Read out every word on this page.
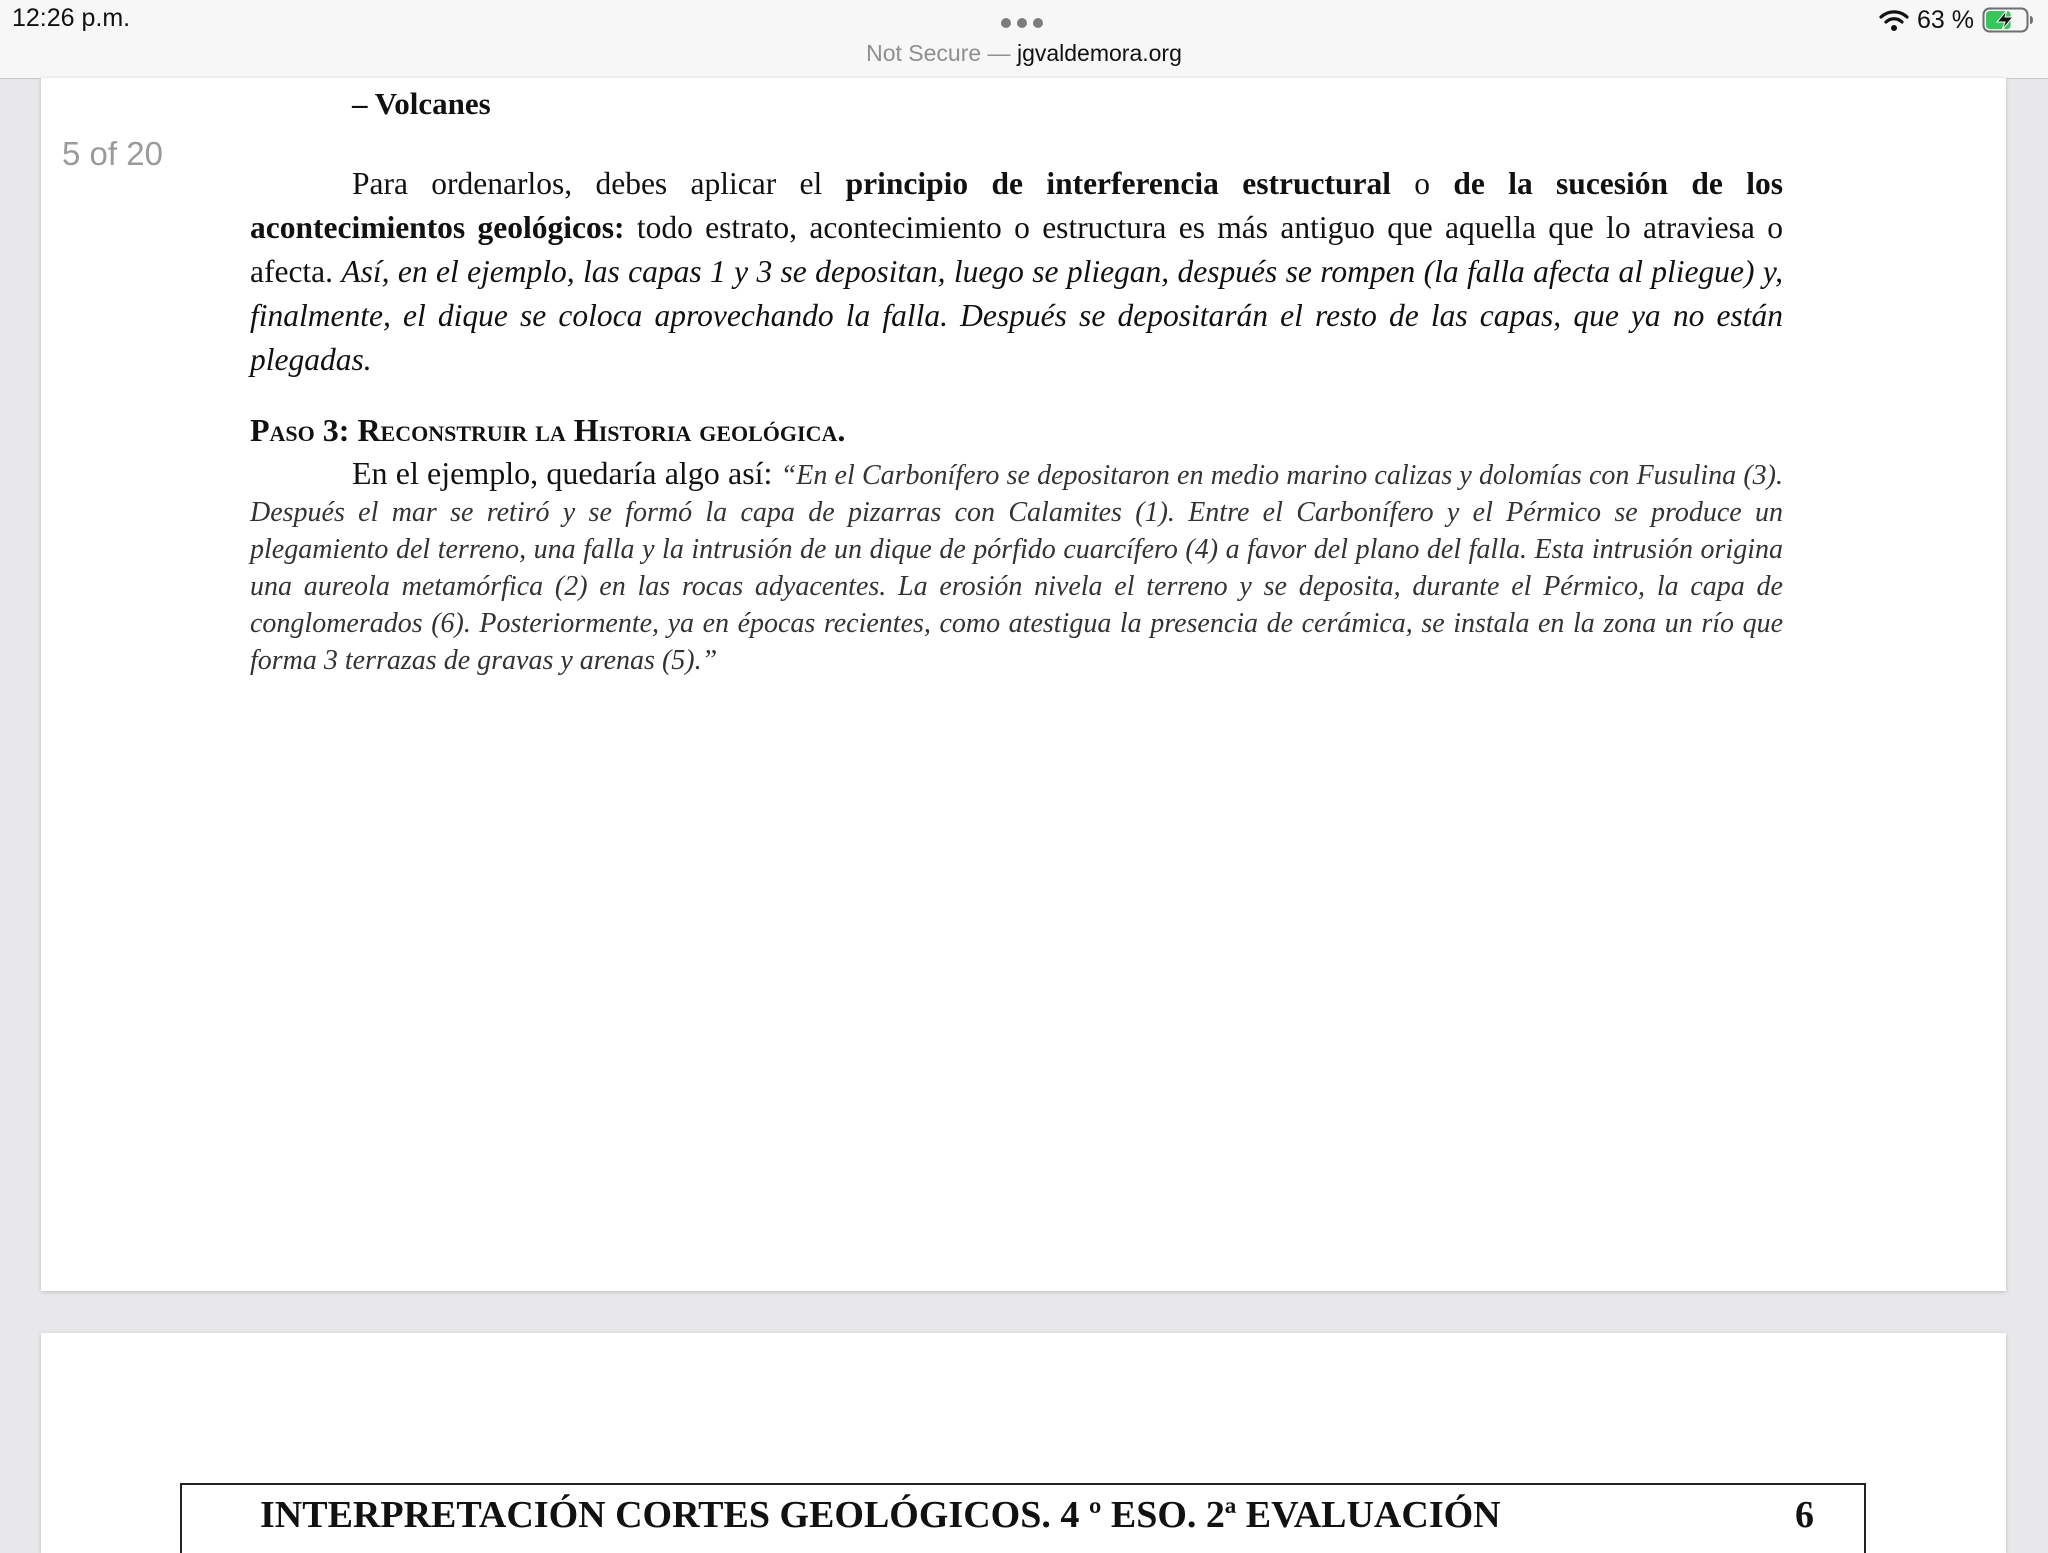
12:26 p.m.
Not Secure — jgvaldemora.org
63 %
5 of 20
– Volcanes

Para ordenarlos, debes aplicar el principio de interferencia estructural o de la sucesión de los acontecimientos geológicos: todo estrato, acontecimiento o estructura es más antiguo que aquella que lo atraviesa o afecta. Así, en el ejemplo, las capas 1 y 3 se depositan, luego se pliegan, después se rompen (la falla afecta al pliegue) y, finalmente, el dique se coloca aprovechando la falla. Después se depositarán el resto de las capas, que ya no están plegadas.

Paso 3: Reconstruir la Historia geológica.

En el ejemplo, quedaría algo así: “En el Carbonífero se depositaron en medio marino calizas y dolomías con Fusulina (3). Después el mar se retiró y se formó la capa de pizarras con Calamites (1). Entre el Carbonífero y el Pérmico se produce un plegamiento del terreno, una falla y la intrusión de un dique de pórfido cuarcífero (4) a favor del plano del falla. Esta intrusión origina una aureola metamórfica (2) en las rocas adyacentes. La erosión nivela el terreno y se deposita, durante el Pérmico, la capa de conglomerados (6). Posteriormente, ya en épocas recientes, como atestigua la presencia de cerámica, se instala en la zona un río que forma 3 terrazas de gravas y arenas (5).”

INTERPRETACIÓN CORTES GEOLÓGICOS. 4 º ESO. 2ª EVALUACIÓN	6
